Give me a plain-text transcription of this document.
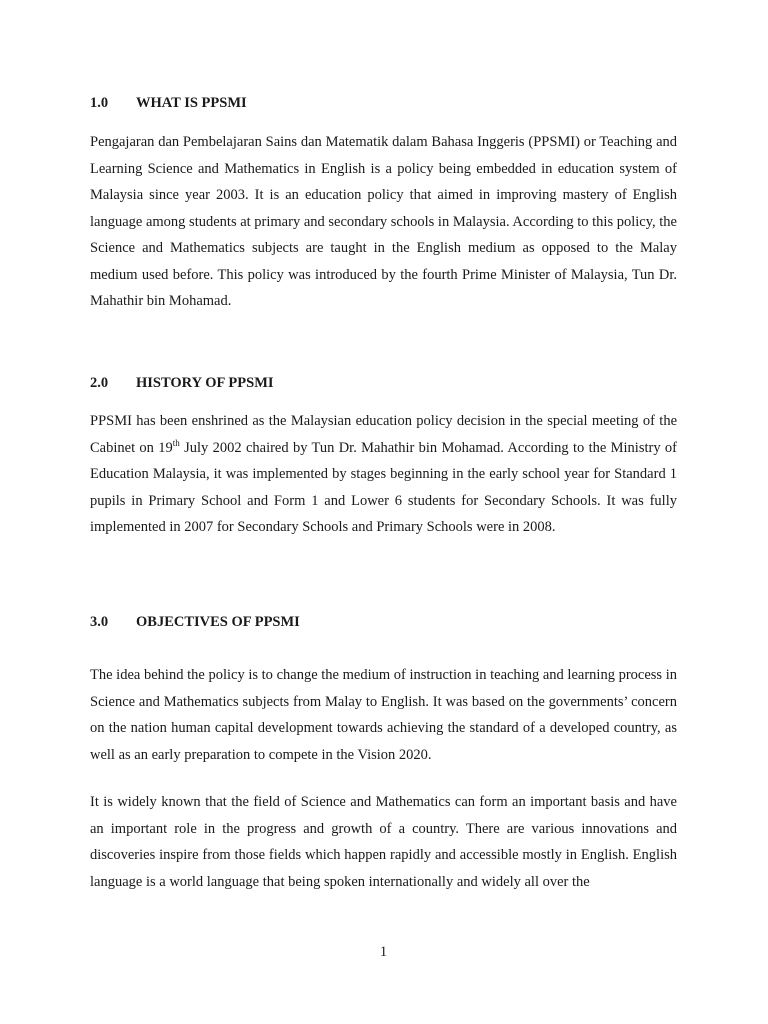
1.0 WHAT IS PPSMI

Pengajaran dan Pembelajaran Sains dan Matematik dalam Bahasa Inggeris (PPSMI) or Teaching and Learning Science and Mathematics in English is a policy being embedded in education system of Malaysia since year 2003. It is an education policy that aimed in improving mastery of English language among students at primary and secondary schools in Malaysia. According to this policy, the Science and Mathematics subjects are taught in the English medium as opposed to the Malay medium used before. This policy was introduced by the fourth Prime Minister of Malaysia, Tun Dr. Mahathir bin Mohamad.

2.0 HISTORY OF PPSMI

PPSMI has been enshrined as the Malaysian education policy decision in the special meeting of the Cabinet on 19th July 2002 chaired by Tun Dr. Mahathir bin Mohamad. According to the Ministry of Education Malaysia, it was implemented by stages beginning in the early school year for Standard 1 pupils in Primary School and Form 1 and Lower 6 students for Secondary Schools. It was fully implemented in 2007 for Secondary Schools and Primary Schools were in 2008.

3.0 OBJECTIVES OF PPSMI

The idea behind the policy is to change the medium of instruction in teaching and learning process in Science and Mathematics subjects from Malay to English. It was based on the governments’ concern on the nation human capital development towards achieving the standard of a developed country, as well as an early preparation to compete in the Vision 2020.

It is widely known that the field of Science and Mathematics can form an important basis and have an important role in the progress and growth of a country. There are various innovations and discoveries inspire from those fields which happen rapidly and accessible mostly in English. English language is a world language that being spoken internationally and widely all over the

1
